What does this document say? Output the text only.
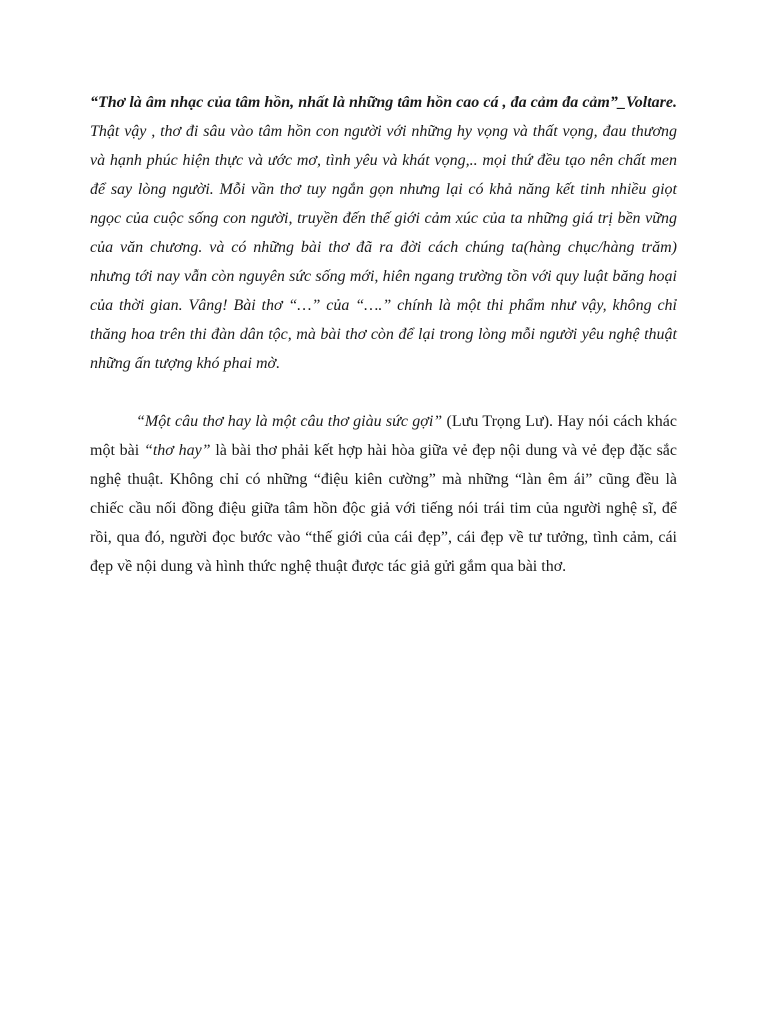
“Thơ là âm nhạc của tâm hồn, nhất là những tâm hồn cao cá , đa cảm đa cảm”_Voltare. Thật vậy , thơ đi sâu vào tâm hồn con người với những hy vọng và thất vọng, đau thương và hạnh phúc hiện thực và ước mơ, tình yêu và khát vọng,.. mọi thứ đều tạo nên chất men để say lòng người. Mỗi vần thơ tuy ngắn gọn nhưng lại có khả năng kết tinh nhiều giọt ngọc của cuộc sống con người, truyền đến thế giới cảm xúc của ta những giá trị bền vững của văn chương. và có những bài thơ đã ra đời cách chúng ta(hàng chục/hàng trăm) nhưng tới nay vẫn còn nguyên sức sống mới, hiên ngang trường tồn với quy luật băng hoại của thời gian. Vâng! Bài thơ “…” của “….” chính là một thi phẩm như vậy, không chỉ thăng hoa trên thi đàn dân tộc, mà bài thơ còn để lại trong lòng mỗi người yêu nghệ thuật những ấn tượng khó phai mờ.

“Một câu thơ hay là một câu thơ giàu sức gợi” (Lưu Trọng Lư). Hay nói cách khác một bài “thơ hay” là bài thơ phải kết hợp hài hòa giữa vẻ đẹp nội dung và vẻ đẹp đặc sắc nghệ thuật. Không chỉ có những “điệu kiên cường” mà những “làn êm ái” cũng đều là chiếc cầu nối đồng điệu giữa tâm hồn độc giả với tiếng nói trái tim của người nghệ sĩ, để rồi, qua đó, người đọc bước vào “thế giới của cái đẹp”, cái đẹp về tư tưởng, tình cảm, cái đẹp về nội dung và hình thức nghệ thuật được tác giả gửi gắm qua bài thơ.
